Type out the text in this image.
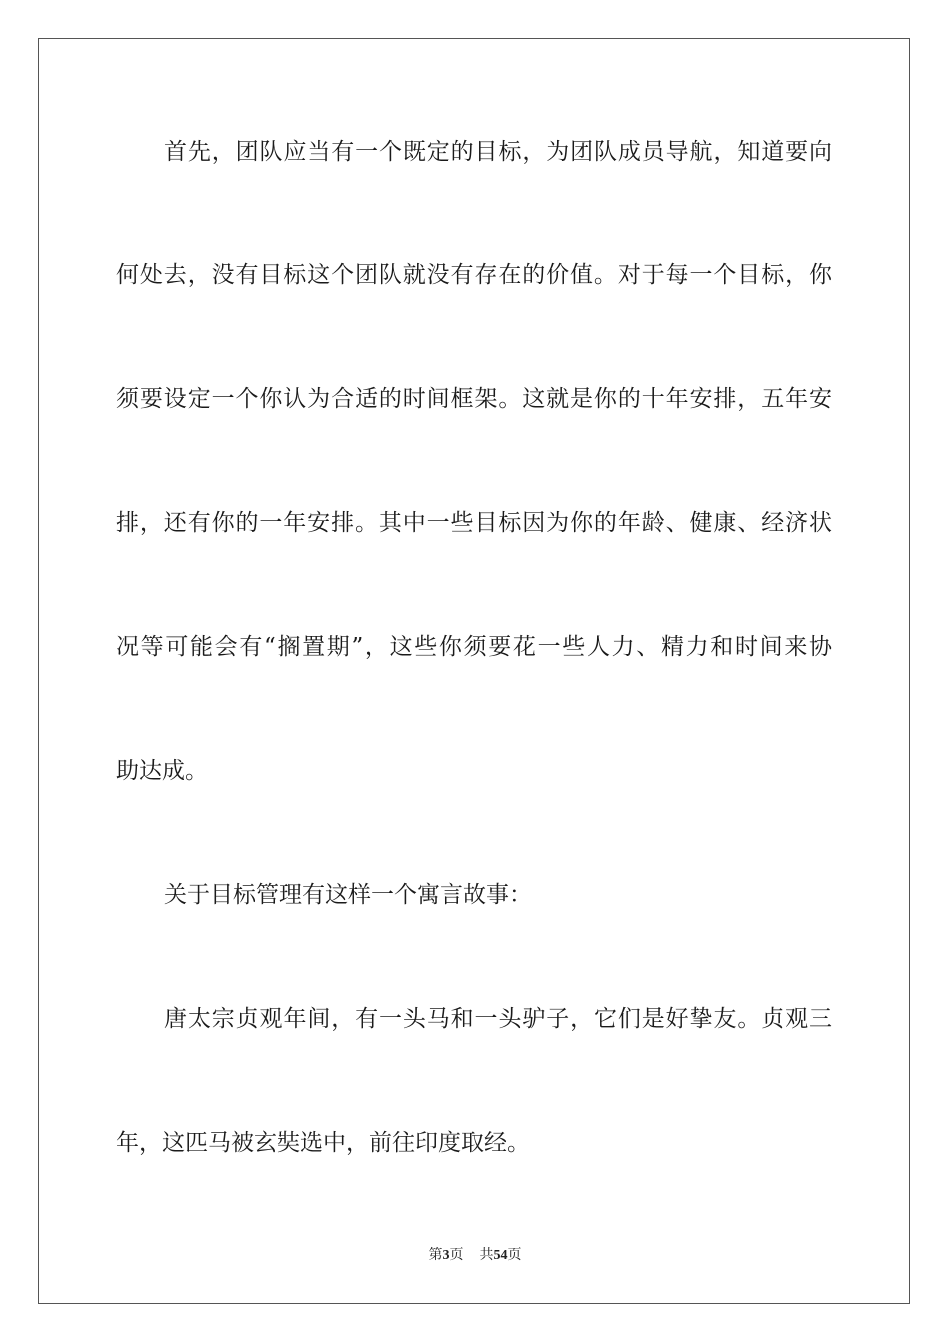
首先，团队应当有一个既定的目标，为团队成员导航，知道要向
何处去，没有目标这个团队就没有存在的价值。对于每一个目标，你
须要设定一个你认为合适的时间框架。这就是你的十年安排，五年安
排，还有你的一年安排。其中一些目标因为你的年龄、健康、经济状
况等可能会有“搁置期”，这些你须要花一些人力、精力和时间来协
助达成。
关于目标管理有这样一个寓言故事：
唐太宗贞观年间，有一头马和一头驴子，它们是好挚友。贞观三
年，这匹马被玄奘选中，前往印度取经。
第3页 共54页
